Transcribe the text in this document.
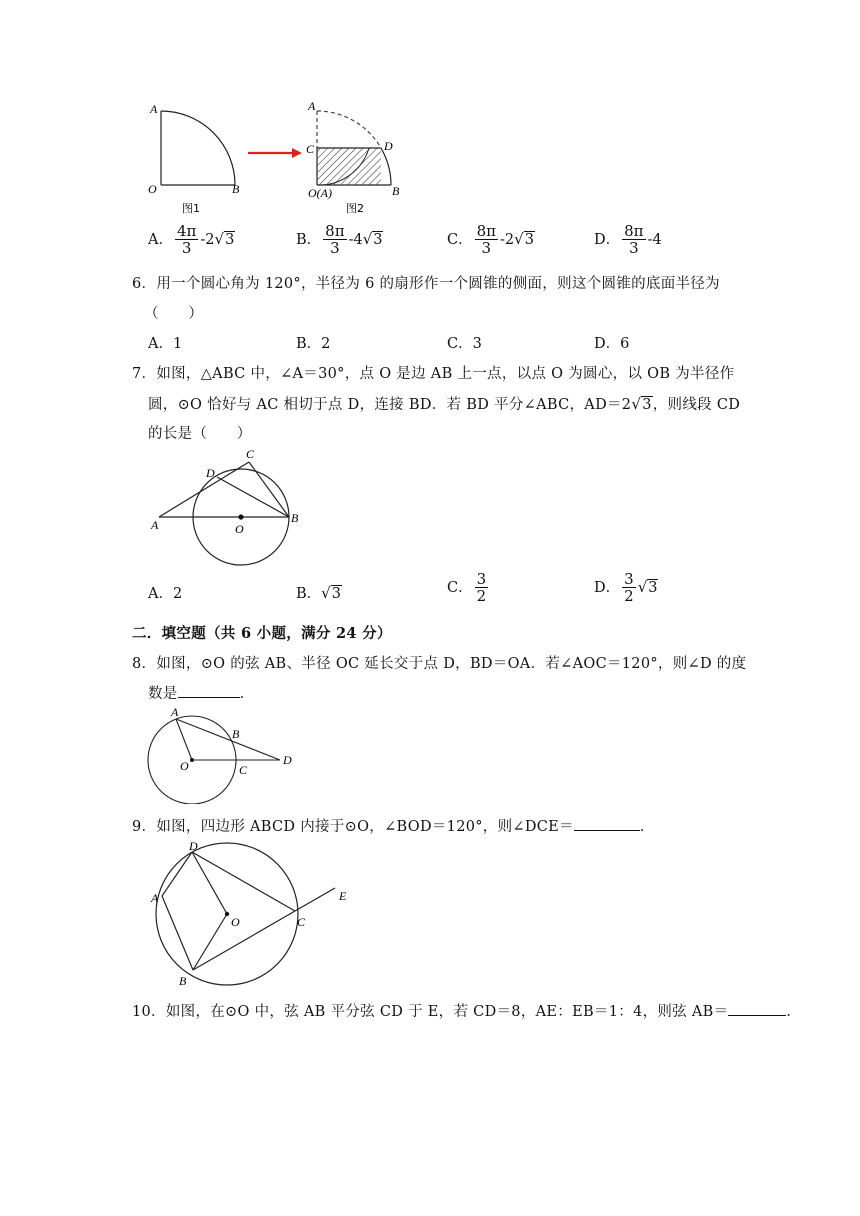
A
O	B
图1
A
C	D
O(A)	B
图2
A． $\frac{4\pi}{3} -2√3$	B． $\frac{8\pi}{3} -4√3$	C． $\frac{8\pi}{3} -2√3$	D． $\frac{8\pi}{3} -4$
6．用一个圆心角为 120°，半径为 6 的扇形作一个圆锥的侧面，则这个圆锥的底面半径为
（　　）
A．1	B．2	C．3	D．6
7．如图，△ABC 中，∠A＝30°，点 O 是边 AB 上一点，以点 O 为圆心，以 OB 为半径作
圆，⊙O 恰好与 AC 相切于点 D，连接 BD．若 BD 平分∠ABC，AD＝2√3，则线段 CD
的长是（　　）
A	B
C
D
O
A．2	B．√3	C． $\frac{3}{2}$	D． $\frac{3}{2} √3$
二．填空题（共 6 小题，满分 24 分）
8．如图，⊙O 的弦 AB、半径 OC 延长交于点 D，BD＝OA．若∠AOC＝120°，则∠D 的度
数是	．
A
B
C
D
O
9．如图，四边形 ABCD 内接于⊙O，∠BOD＝120°，则∠DCE＝	．
A
B
C
D
E
O
10．如图，在⊙O 中，弦 AB 平分弦 CD 于 E，若 CD＝8，AE：EB＝1：4，则弦 AB＝	．
